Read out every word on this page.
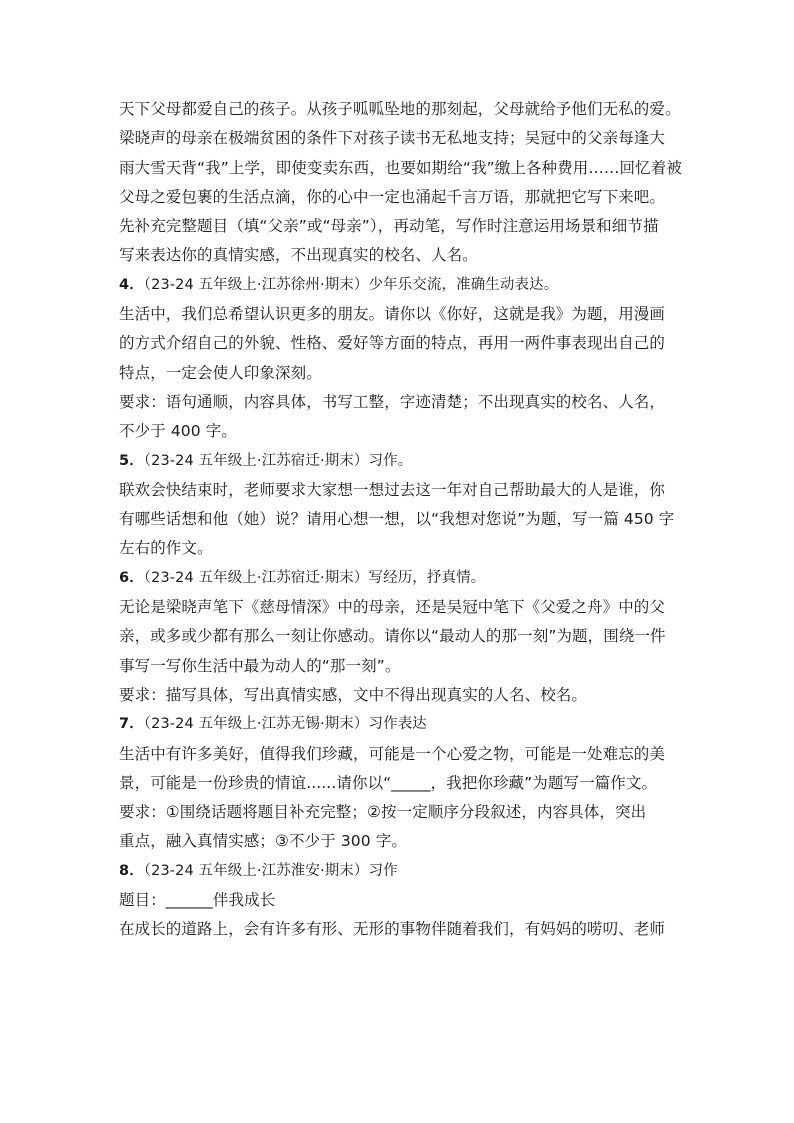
天下父母都爱自己的孩子。从孩子呱呱坠地的那刻起，父母就给予他们无私的爱。
梁晓声的母亲在极端贫困的条件下对孩子读书无私地支持；吴冠中的父亲每逢大
雨大雪天背“我”上学，即使变卖东西，也要如期给“我”缴上各种费用……回忆着被
父母之爱包裹的生活点滴，你的心中一定也涌起千言万语，那就把它写下来吧。
先补充完整题目（填“父亲”或“母亲”），再动笔，写作时注意运用场景和细节描
写来表达你的真情实感，不出现真实的校名、人名。
4．（23-24 五年级上·江苏徐州·期末）少年乐交流，准确生动表达。
生活中，我们总希望认识更多的朋友。请你以《你好，这就是我》为题，用漫画
的方式介绍自己的外貌、性格、爱好等方面的特点，再用一两件事表现出自己的
特点，一定会使人印象深刻。
要求：语句通顺，内容具体，书写工整，字迹清楚；不出现真实的校名、人名，
不少于 400 字。
5．（23-24 五年级上·江苏宿迁·期末）习作。
联欢会快结束时，老师要求大家想一想过去这一年对自己帮助最大的人是谁，你
有哪些话想和他（她）说？请用心想一想，以“我想对您说”为题，写一篇 450 字
左右的作文。
6．（23-24 五年级上·江苏宿迁·期末）写经历，抒真情。
无论是梁晓声笔下《慈母情深》中的母亲，还是吴冠中笔下《父爱之舟》中的父
亲，或多或少都有那么一刻让你感动。请你以“最动人的那一刻”为题，围绕一件
事写一写你生活中最为动人的“那一刻”。
要求：描写具体，写出真情实感，文中不得出现真实的人名、校名。
7．（23-24 五年级上·江苏无锡·期末）习作表达
生活中有许多美好，值得我们珍藏，可能是一个心爱之物，可能是一处难忘的美
景，可能是一份珍贵的情谊......请你以“_____，我把你珍藏”为题写一篇作文。
要求：①围绕话题将题目补充完整；②按一定顺序分段叙述，内容具体，突出
重点，融入真情实感；③不少于 300 字。
8．（23-24 五年级上·江苏淮安·期末）习作
题目：______伴我成长
在成长的道路上，会有许多有形、无形的事物伴随着我们，有妈妈的唠叨、老师
